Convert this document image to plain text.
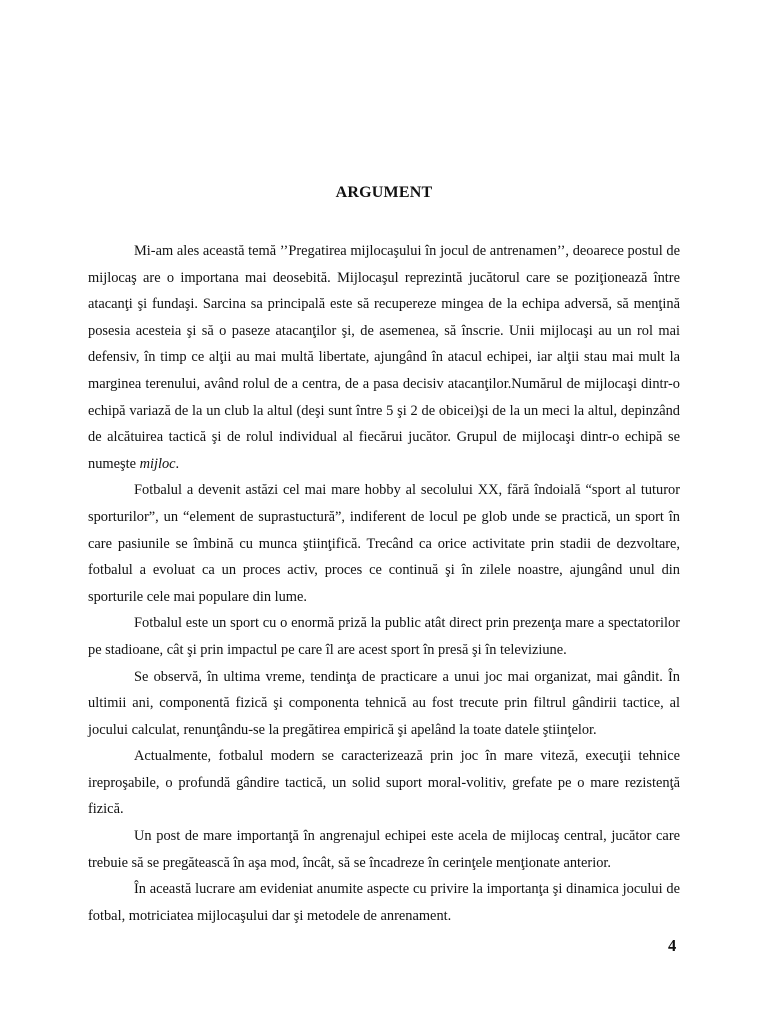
ARGUMENT

Mi-am ales această temă ’’Pregatirea mijlocaşului în jocul de antrenamen’’, deoarece postul de mijlocaş are o importana mai deosebită. Mijlocaşul reprezintă jucătorul care se poziţionează între atacanţi şi fundaşi. Sarcina sa principală este să recupereze mingea de la echipa adversă, să menţină posesia acesteia şi să o paseze atacanţilor şi, de asemenea, să înscrie. Unii mijlocaşi au un rol mai defensiv, în timp ce alţii au mai multă libertate, ajungând în atacul echipei, iar alţii stau mai mult la marginea terenului, având rolul de a centra, de a pasa decisiv atacanţilor.Numărul de mijlocaşi dintr-o echipă variază de la un club la altul (deşi sunt între 5 şi 2 de obicei)şi de la un meci la altul, depinzând de alcătuirea tactică şi de rolul individual al fiecărui jucător. Grupul de mijlocaşi dintr-o echipă se numeşte mijloc.

Fotbalul a devenit astăzi cel mai mare hobby al secolului XX, fără îndoială “sport al tuturor sporturilor”, un “element de suprastuctură”, indiferent de locul pe glob unde se practică, un sport în care pasiunile se îmbină cu munca ştiinţifică. Trecând ca orice activitate prin stadii de dezvoltare, fotbalul a evoluat ca un proces activ, proces ce continuă şi în zilele noastre, ajungând unul din sporturile cele mai populare din lume.

Fotbalul este un sport cu o enormă priză la public atât direct prin prezenţa mare a spectatorilor pe stadioane, cât şi prin impactul pe care îl are acest sport în presă şi în televiziune.

Se observă, în ultima vreme, tendinţa de practicare a unui joc mai organizat, mai gândit. În ultimii ani, componentă fizică şi componenta tehnică au fost trecute prin filtrul gândirii tactice, al jocului calculat, renunţându-se la pregătirea empirică şi apelând la toate datele ştiinţelor.

Actualmente, fotbalul modern se caracterizează prin joc în mare viteză, execuţii tehnice ireproşabile, o profundă gândire tactică, un solid suport moral-volitiv, grefate pe o mare rezistenţă fizică.

Un post de mare importanţă în angrenajul echipei este acela de mijlocaş central, jucător care trebuie să se pregătească în aşa mod, încât, să se încadreze în cerinţele menţionate anterior.

În această lucrare am evideniat anumite aspecte cu privire la importanţa şi dinamica jocului de fotbal, motriciatea mijlocaşului dar şi metodele de anrenament.

4
